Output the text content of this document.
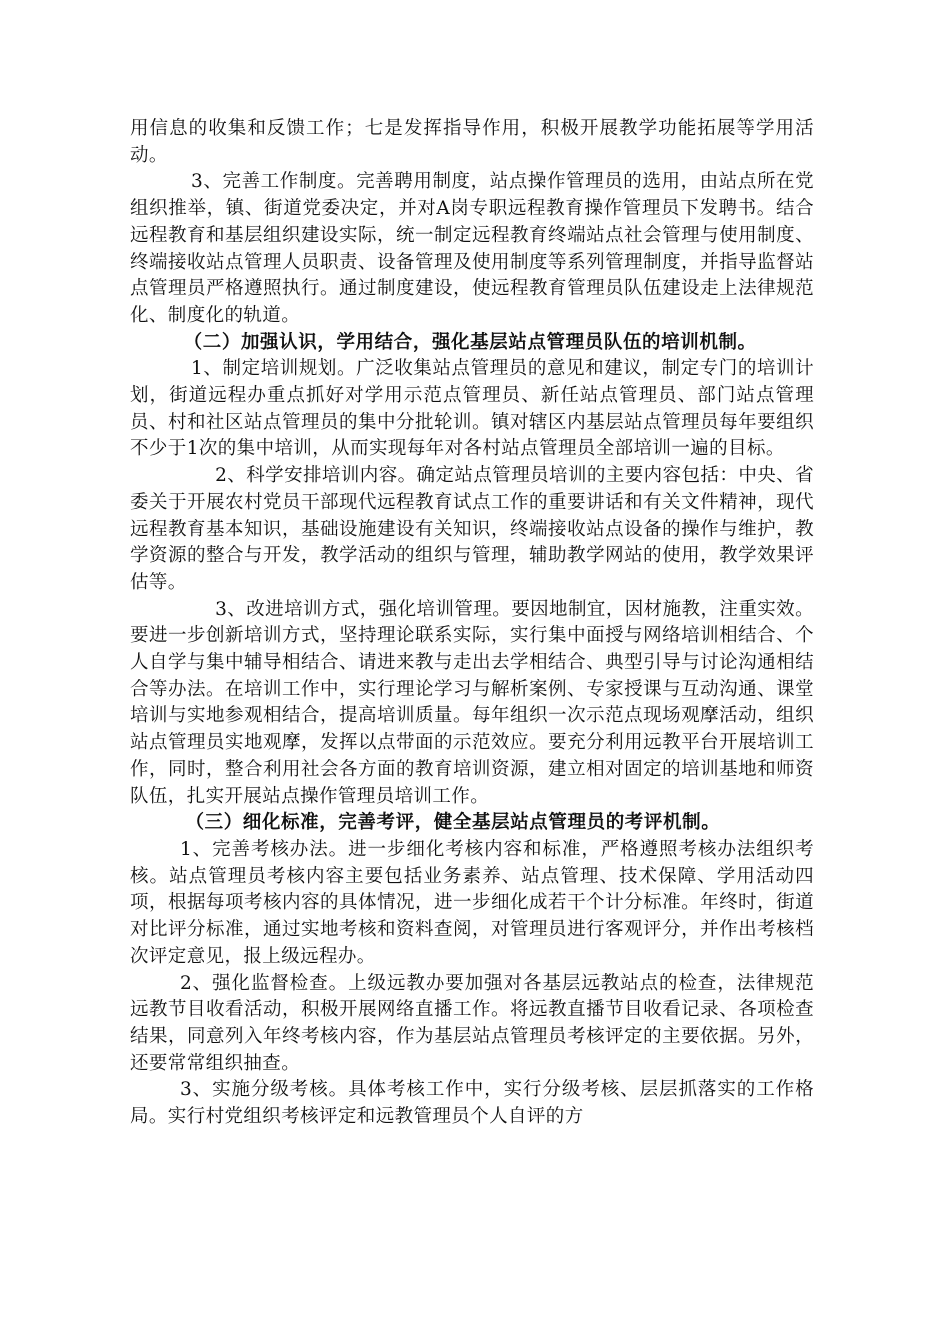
用信息的收集和反馈工作；七是发挥指导作用，积极开展教学功能拓展等学用活动。

3、完善工作制度。完善聘用制度，站点操作管理员的选用，由站点所在党组织推举，镇、街道党委决定，并对A岗专职远程教育操作管理员下发聘书。结合远程教育和基层组织建设实际，统一制定远程教育终端站点社会管理与使用制度、终端接收站点管理人员职责、设备管理及使用制度等系列管理制度，并指导监督站点管理员严格遵照执行。通过制度建设，使远程教育管理员队伍建设走上法律规范化、制度化的轨道。

（二）加强认识，学用结合，强化基层站点管理员队伍的培训机制。

1、制定培训规划。广泛收集站点管理员的意见和建议，制定专门的培训计划，街道远程办重点抓好对学用示范点管理员、新任站点管理员、部门站点管理员、村和社区站点管理员的集中分批轮训。镇对辖区内基层站点管理员每年要组织不少于1次的集中培训，从而实现每年对各村站点管理员全部培训一遍的目标。

2、科学安排培训内容。确定站点管理员培训的主要内容包括：中央、省委关于开展农村党员干部现代远程教育试点工作的重要讲话和有关文件精神，现代远程教育基本知识，基础设施建设有关知识，终端接收站点设备的操作与维护，教学资源的整合与开发，教学活动的组织与管理，辅助教学网站的使用，教学效果评估等。

3、改进培训方式，强化培训管理。要因地制宜，因材施教，注重实效。要进一步创新培训方式，坚持理论联系实际，实行集中面授与网络培训相结合、个人自学与集中辅导相结合、请进来教与走出去学相结合、典型引导与讨论沟通相结合等办法。在培训工作中，实行理论学习与解析案例、专家授课与互动沟通、课堂培训与实地参观相结合，提高培训质量。每年组织一次示范点现场观摩活动，组织站点管理员实地观摩，发挥以点带面的示范效应。要充分利用远教平台开展培训工作，同时，整合利用社会各方面的教育培训资源，建立相对固定的培训基地和师资队伍，扎实开展站点操作管理员培训工作。

（三）细化标准，完善考评，健全基层站点管理员的考评机制。

1、完善考核办法。进一步细化考核内容和标准，严格遵照考核办法组织考核。站点管理员考核内容主要包括业务素养、站点管理、技术保障、学用活动四项，根据每项考核内容的具体情况，进一步细化成若干个计分标准。年终时，街道对比评分标准，通过实地考核和资料查阅，对管理员进行客观评分，并作出考核档次评定意见，报上级远程办。

2、强化监督检查。上级远教办要加强对各基层远教站点的检查，法律规范远教节目收看活动，积极开展网络直播工作。将远教直播节目收看记录、各项检查结果，同意列入年终考核内容，作为基层站点管理员考核评定的主要依据。另外，还要常常组织抽查。

3、实施分级考核。具体考核工作中，实行分级考核、层层抓落实的工作格局。实行村党组织考核评定和远教管理员个人自评的方
